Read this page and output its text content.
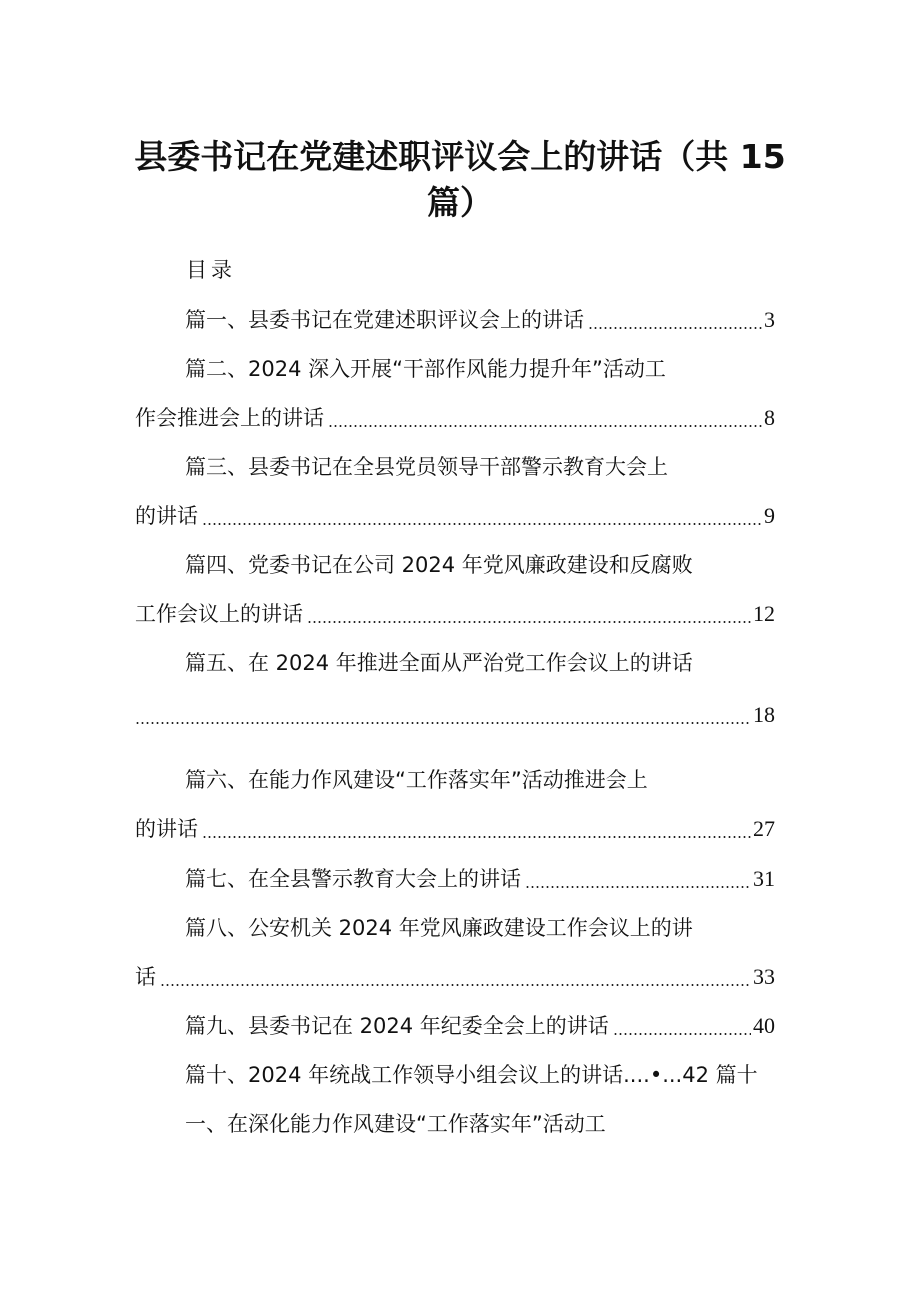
县委书记在党建述职评议会上的讲话（共 15
篇）
目录
篇一、县委书记在党建述职评议会上的讲话	3
篇二、2024 深入开展“干部作风能力提升年”活动工
作会推进会上的讲话	8
篇三、县委书记在全县党员领导干部警示教育大会上
的讲话	9
篇四、党委书记在公司 2024 年党风廉政建设和反腐败
工作会议上的讲话	12
篇五、在 2024 年推进全面从严治党工作会议上的讲话
18
篇六、在能力作风建设“工作落实年”活动推进会上
的讲话	27
篇七、在全县警示教育大会上的讲话	31
篇八、公安机关 2024 年党风廉政建设工作会议上的讲
话	33
篇九、县委书记在 2024 年纪委全会上的讲话	40
篇十、2024 年统战工作领导小组会议上的讲话....•...42 篇十
一、在深化能力作风建设“工作落实年”活动工
